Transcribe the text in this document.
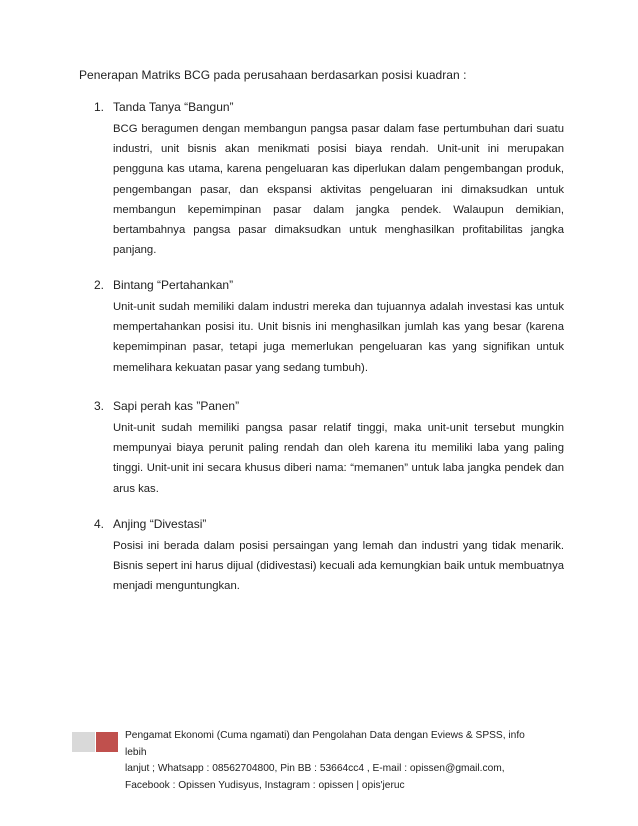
Penerapan Matriks BCG pada perusahaan berdasarkan posisi kuadran :
1. Tanda Tanya “Bangun”
BCG beragumen dengan membangun pangsa pasar dalam fase pertumbuhan dari suatu industri, unit bisnis akan menikmati posisi biaya rendah. Unit-unit ini merupakan pengguna kas utama, karena pengeluaran kas diperlukan dalam pengembangan produk, pengembangan pasar, dan ekspansi aktivitas pengeluaran ini dimaksudkan untuk membangun kepemimpinan pasar dalam jangka pendek. Walaupun demikian, bertambahnya pangsa pasar dimaksudkan untuk menghasilkan profitabilitas jangka panjang.
2. Bintang “Pertahankan”
Unit-unit sudah memiliki dalam industri mereka dan tujuannya adalah investasi kas untuk mempertahankan posisi itu. Unit bisnis ini menghasilkan jumlah kas yang besar (karena kepemimpinan pasar, tetapi juga memerlukan pengeluaran kas yang signifikan untuk memelihara kekuatan pasar yang sedang tumbuh).
3. Sapi perah kas ”Panen”
Unit-unit sudah memiliki pangsa pasar relatif tinggi, maka unit-unit tersebut mungkin mempunyai biaya perunit paling rendah dan oleh karena itu memiliki laba yang paling tinggi. Unit-unit ini secara khusus diberi nama: “memanen” untuk laba jangka pendek dan arus kas.
4. Anjing “Divestasi”
Posisi ini berada dalam posisi persaingan yang lemah dan industri yang tidak menarik. Bisnis sepert ini harus dijual (didivestasi) kecuali ada kemungkian baik untuk membuatnya menjadi menguntungkan.
Pengamat Ekonomi (Cuma ngamati) dan Pengolahan Data dengan Eviews & SPSS, info lebih
lanjut ; Whatsapp : 08562704800, Pin BB : 53664cc4 , E-mail : opissen@gmail.com,
Facebook : Opissen Yudisyus, Instagram : opissen | opis'jeruc
